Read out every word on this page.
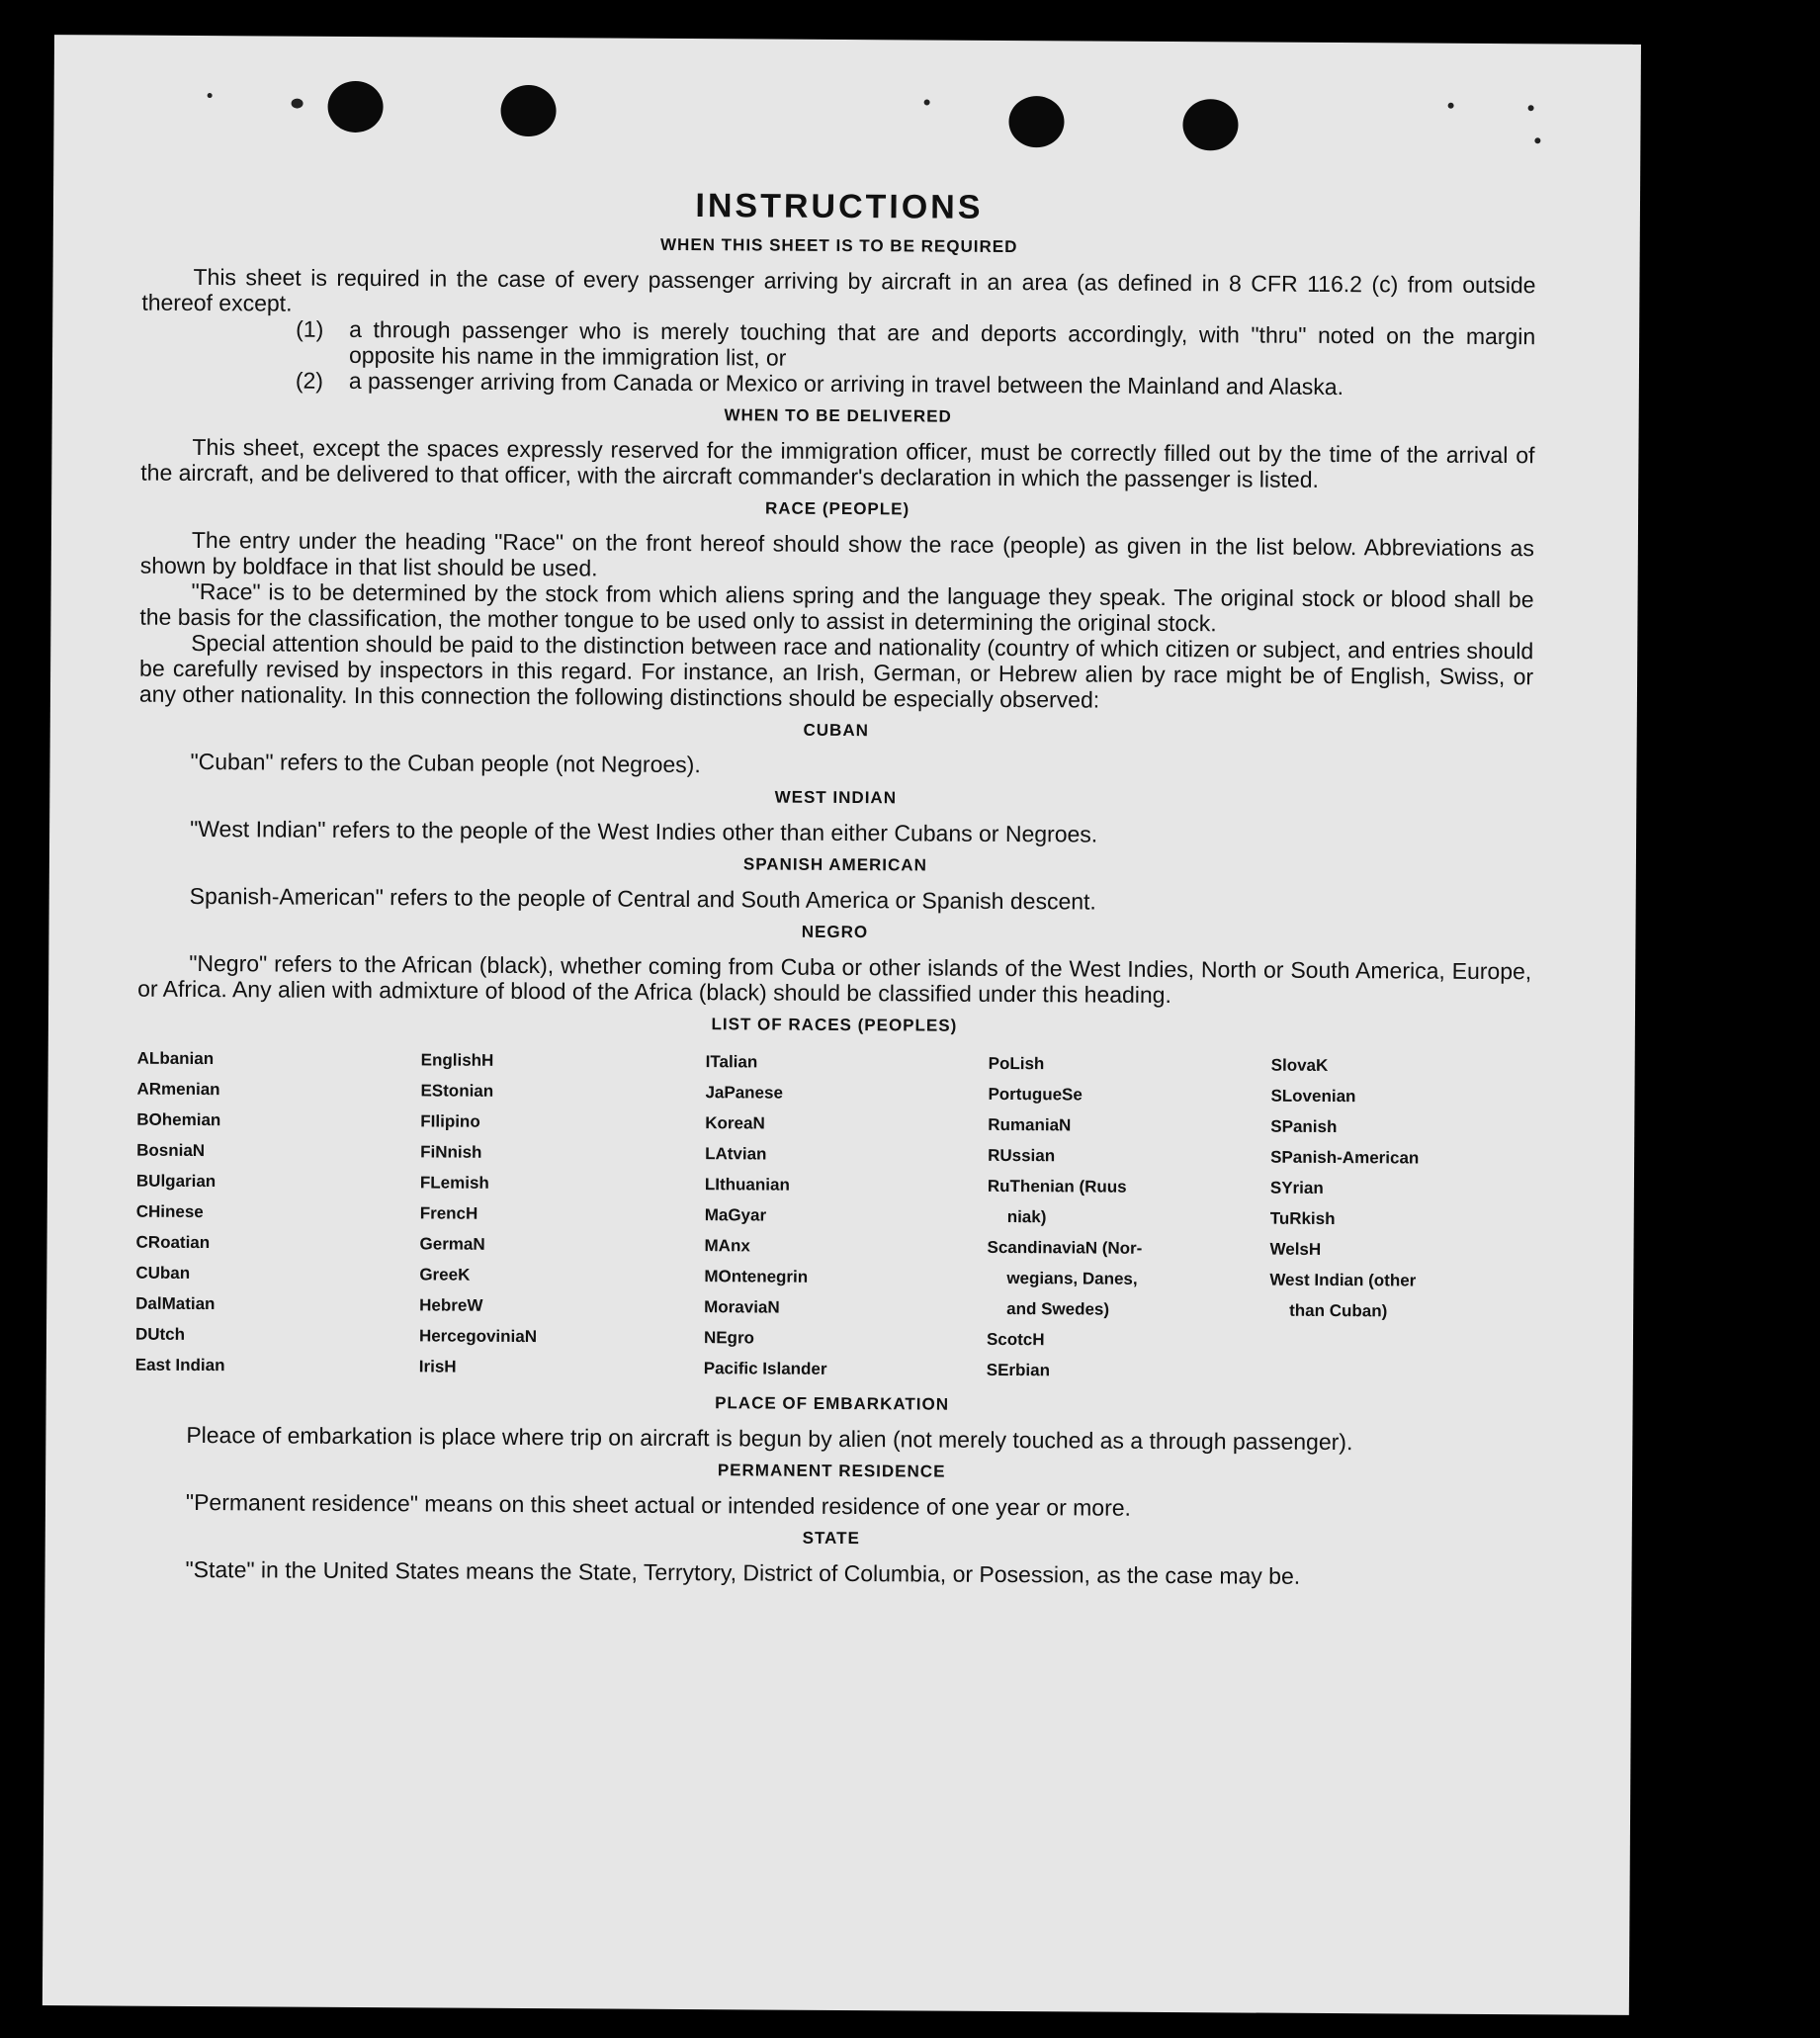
INSTRUCTIONS
WHEN THIS SHEET IS TO BE REQUIRED

This sheet is required in the case of every passenger arriving by aircraft in an area (as defined in 8 CFR 116.2 (c) from outside thereof except.

(1) a through passenger who is merely touching that are and deports accordingly, with "thru" noted on the margin opposite his name in the immigration list, or

(2) a passenger arriving from Canada or Mexico or arriving in travel between the Mainland and Alaska.

WHEN TO BE DELIVERED

This sheet, except the spaces expressly reserved for the immigration officer, must be correctly filled out by the time of the arrival of the aircraft, and be delivered to that officer, with the aircraft commander's declaration in which the passenger is listed.

RACE (PEOPLE)

The entry under the heading "Race" on the front hereof should show the race (people) as given in the list below. Abbreviations as shown by boldface in that list should be used.

"Race" is to be determined by the stock from which aliens spring and the language they speak. The original stock or blood shall be the basis for the classification, the mother tongue to be used only to assist in determining the original stock.

Special attention should be paid to the distinction between race and nationality (country of which citizen or subject, and entries should be carefully revised by inspectors in this regard. For instance, an Irish, German, or Hebrew alien by race might be of English, Swiss, or any other nationality. In this connection the following distinctions should be especially observed:

CUBAN

"Cuban" refers to the Cuban people (not Negroes).

WEST INDIAN

"West Indian" refers to the people of the West Indies other than either Cubans or Negroes.

SPANISH AMERICAN

Spanish-American" refers to the people of Central and South America or Spanish descent.

NEGRO

"Negro" refers to the African (black), whether coming from Cuba or other islands of the West Indies, North or South America, Europe, or Africa. Any alien with admixture of blood of the Africa (black) should be classified under this heading.

LIST OF RACES (PEOPLES)
ALbanian
ARmenian
BOhemian
BosniaN
BUlgarian
CHinese
CRoatian
CUban
DalMatian
DUtch
East Indian
EnglishH
EStonian
FIlipino
FiNnish
FLemish
FrencH
GermaN
GreeK
HebreW
HercegoviniaN
IrisH
ITalian
JaPanese
KoreaN
LAtvian
LIthuanian
MaGyar
MAnx
MOntenegrin
MoraviaN
NEgro
Pacific Islander
PoLish
PortugueSe
RumaniaN
RUssian
RuThenian (Ruus
niak)
ScandinaviaN (Nor-
wegians, Danes,
and Swedes)
ScotcH
SErbian
SlovaK
SLovenian
SPanish
SPanish-American
SYrian
TuRkish
WelsH
West Indian (other
than Cuban)
PLACE OF EMBARKATION

Pleace of embarkation is place where trip on aircraft is begun by alien (not merely touched as a through passenger).

PERMANENT RESIDENCE

"Permanent residence" means on this sheet actual or intended residence of one year or more.

STATE

"State" in the United States means the State, Terrytory, District of Columbia, or Posession, as the case may be.
